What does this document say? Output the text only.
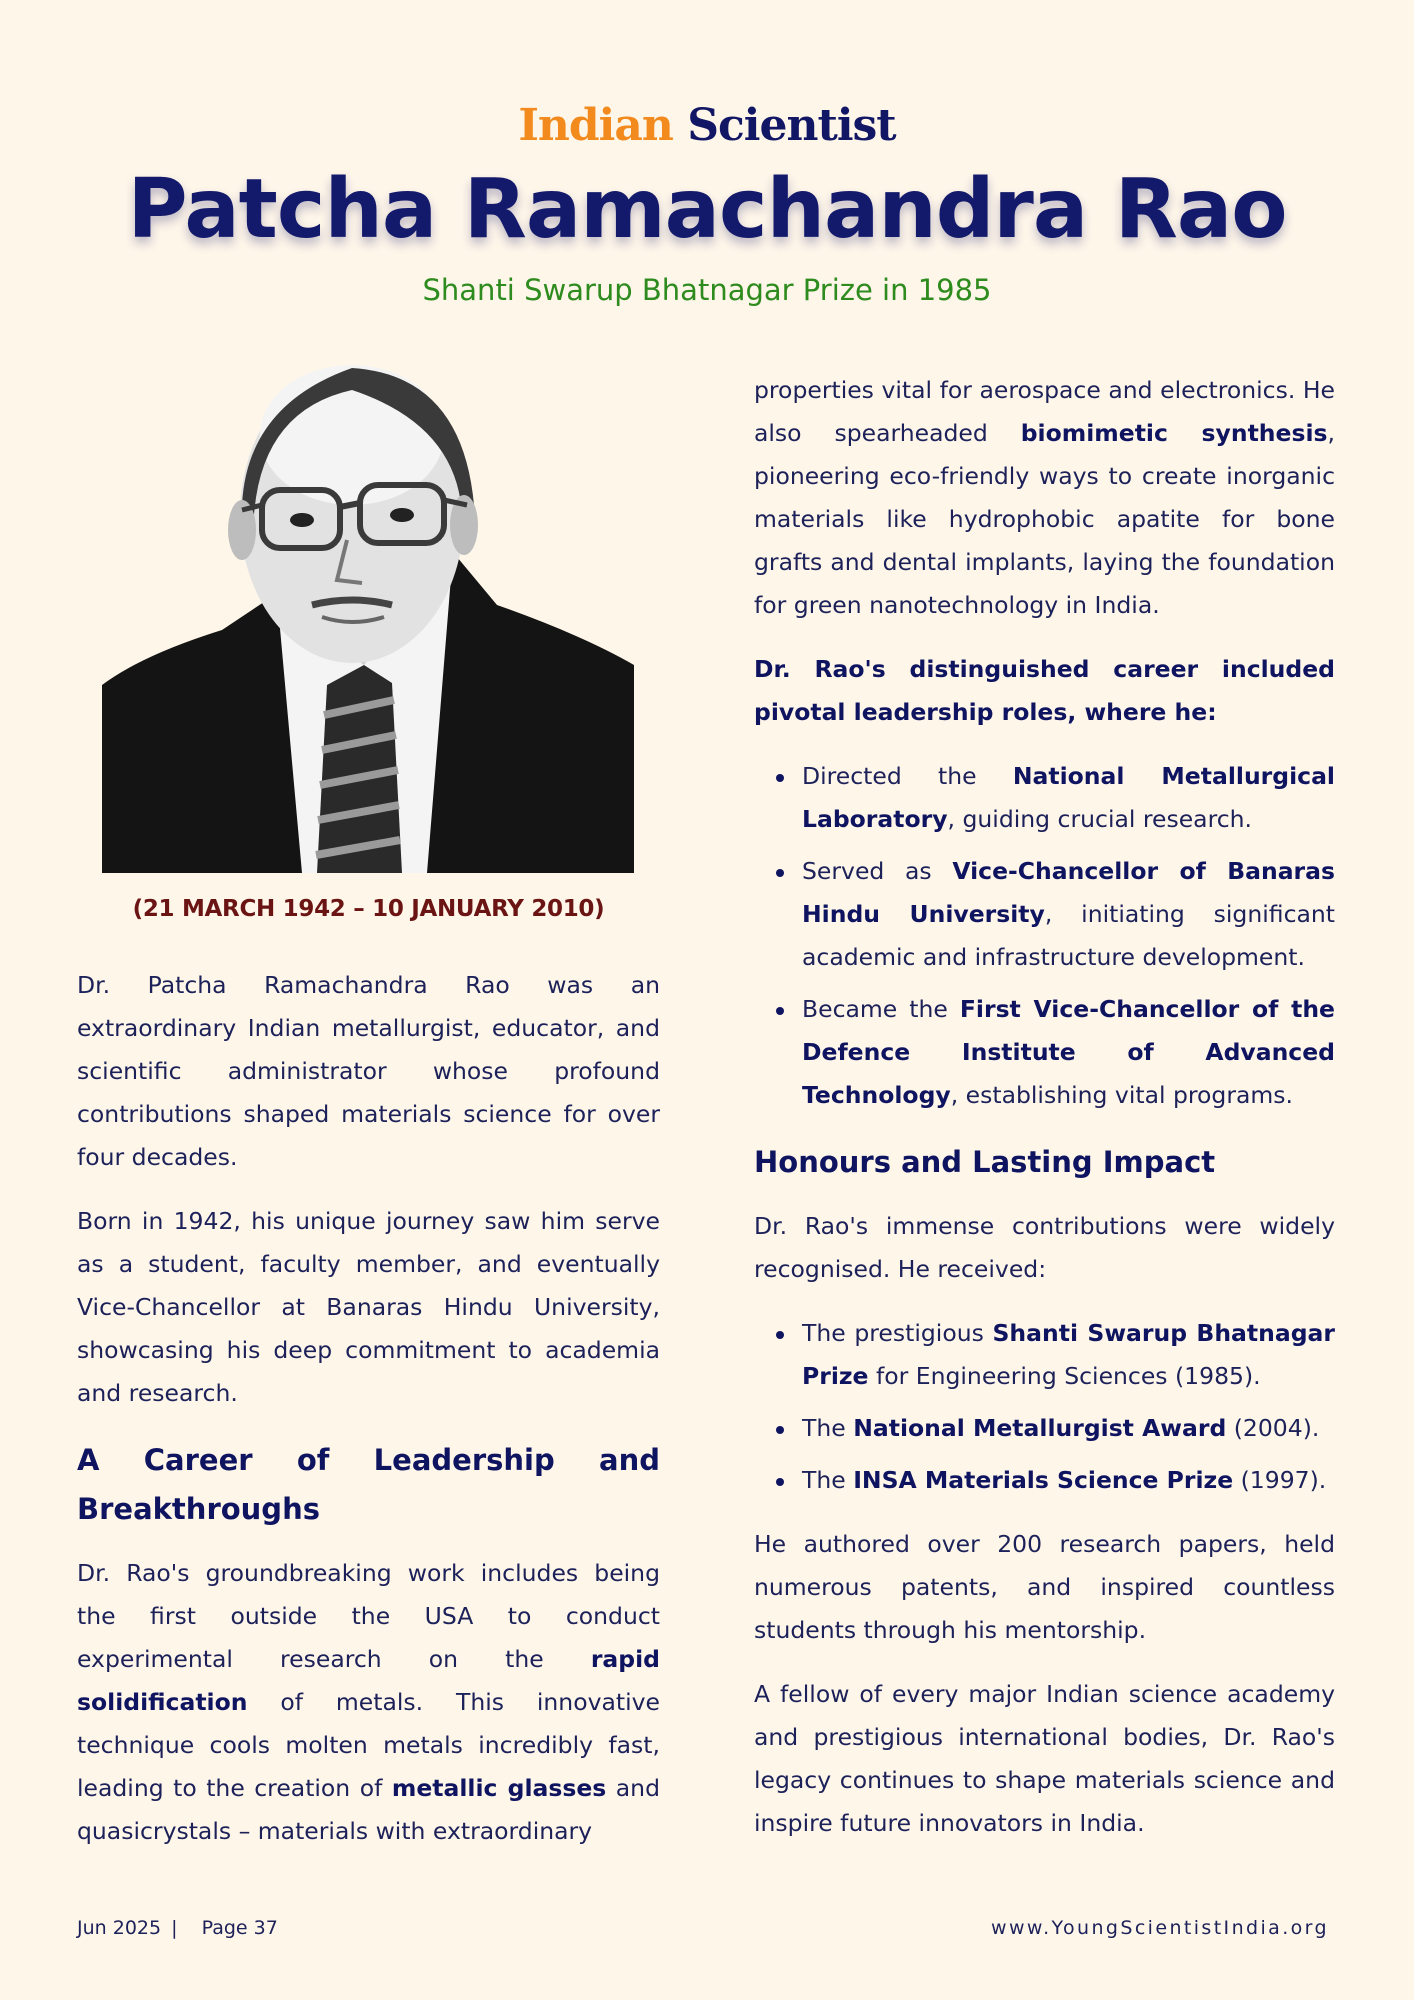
Indian Scientist
Patcha Ramachandra Rao
Shanti Swarup Bhatnagar Prize in 1985
(21 MARCH 1942 – 10 JANUARY 2010)

Dr. Patcha Ramachandra Rao was an extraordinary Indian metallurgist, educator, and scientific administrator whose profound contributions shaped materials science for over four decades.

Born in 1942, his unique journey saw him serve as a student, faculty member, and eventually Vice-Chancellor at Banaras Hindu University, showcasing his deep commitment to academia and research.

A Career of Leadership and Breakthroughs

Dr. Rao's groundbreaking work includes being the first outside the USA to conduct experimental research on the rapid solidification of metals. This innovative technique cools molten metals incredibly fast, leading to the creation of metallic glasses and quasicrystals – materials with extraordinary

properties vital for aerospace and electronics. He also spearheaded biomimetic synthesis, pioneering eco-friendly ways to create inorganic materials like hydrophobic apatite for bone grafts and dental implants, laying the foundation for green nanotechnology in India.

Dr. Rao's distinguished career included pivotal leadership roles, where he:

Directed the National Metallurgical Laboratory, guiding crucial research.
Served as Vice-Chancellor of Banaras Hindu University, initiating significant academic and infrastructure development.
Became the First Vice-Chancellor of the Defence Institute of Advanced Technology, establishing vital programs.
Honours and Lasting Impact

Dr. Rao's immense contributions were widely recognised. He received:

The prestigious Shanti Swarup Bhatnagar Prize for Engineering Sciences (1985).
The National Metallurgist Award (2004).
The INSA Materials Science Prize (1997).

He authored over 200 research papers, held numerous patents, and inspired countless students through his mentorship.

A fellow of every major Indian science academy and prestigious international bodies, Dr. Rao's legacy continues to shape materials science and inspire future innovators in India.

Jun 2025 | Page 37	www.YoungScientistIndia.org
